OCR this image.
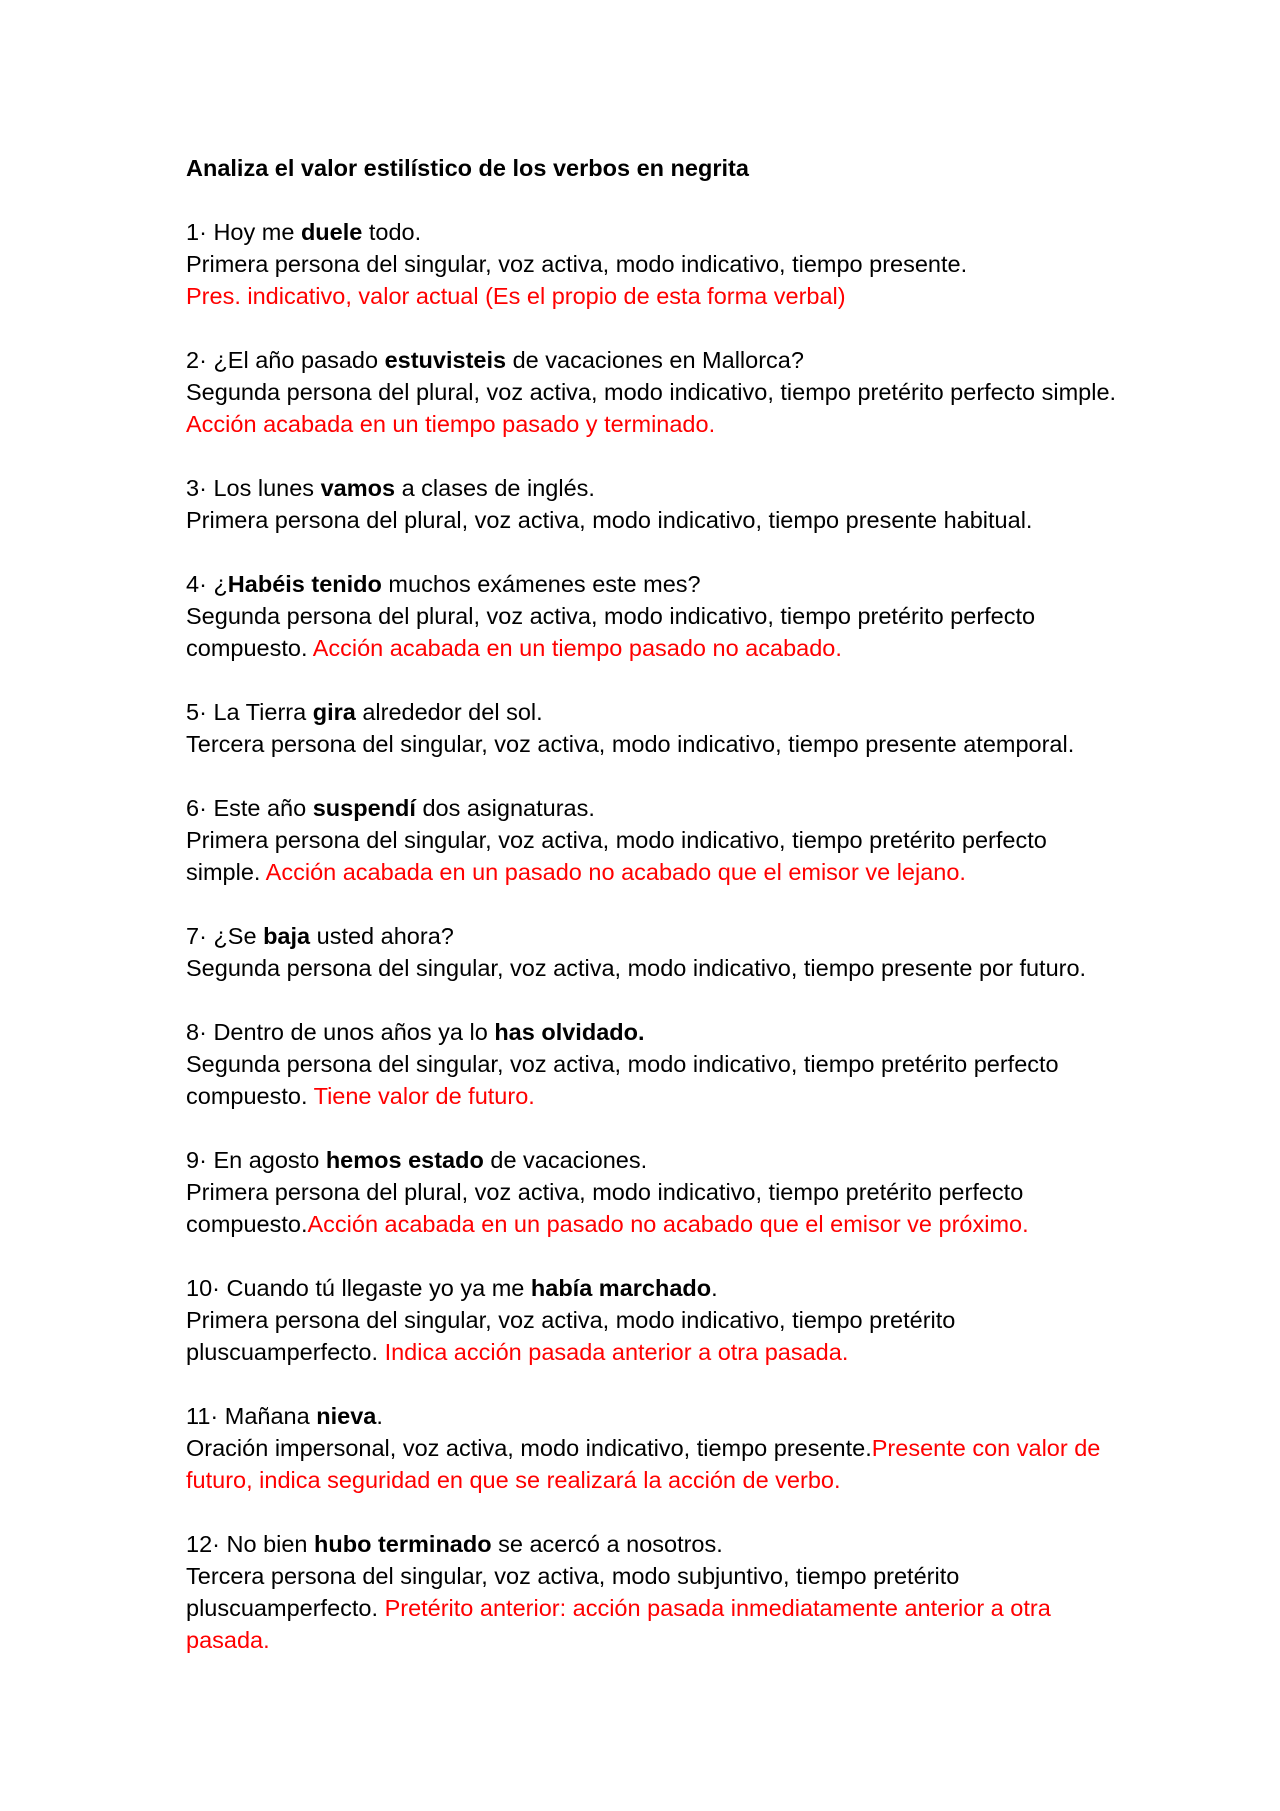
Analiza el valor estilístico de los verbos en negrita
1· Hoy me duele todo.
Primera persona del singular, voz activa, modo indicativo, tiempo presente.
Pres. indicativo, valor actual (Es el propio de esta forma verbal)
2· ¿El año pasado estuvisteis de vacaciones en Mallorca?
Segunda persona del plural, voz activa, modo indicativo, tiempo pretérito perfecto simple. Acción acabada en un tiempo pasado y terminado.
3· Los lunes vamos a clases de inglés.
Primera persona del plural, voz activa, modo indicativo, tiempo presente habitual.
4· ¿Habéis tenido muchos exámenes este mes?
Segunda persona del plural, voz activa, modo indicativo, tiempo pretérito perfecto compuesto. Acción acabada en un tiempo pasado no acabado.
5· La Tierra gira alrededor del sol.
Tercera persona del singular, voz activa, modo indicativo, tiempo presente atemporal.
6· Este año suspendí dos asignaturas.
Primera persona del singular, voz activa, modo indicativo, tiempo pretérito perfecto simple. Acción acabada en un pasado no acabado que el emisor ve lejano.
7· ¿Se baja usted ahora?
Segunda persona del singular, voz activa, modo indicativo, tiempo presente por futuro.
8· Dentro de unos años ya lo has olvidado.
Segunda persona del singular, voz activa, modo indicativo, tiempo pretérito perfecto compuesto. Tiene valor de futuro.
9· En agosto hemos estado de vacaciones.
Primera persona del plural, voz activa, modo indicativo, tiempo pretérito perfecto compuesto.Acción acabada en un pasado no acabado que el emisor ve próximo.
10· Cuando tú llegaste yo ya me había marchado.
Primera persona del singular, voz activa, modo indicativo, tiempo pretérito pluscuamperfecto. Indica acción pasada anterior a otra pasada.
11· Mañana nieva.
Oración impersonal, voz activa, modo indicativo, tiempo presente.Presente con valor de futuro, indica seguridad en que se realizará la acción de verbo.
12· No bien hubo terminado se acercó a nosotros.
Tercera persona del singular, voz activa, modo subjuntivo, tiempo pretérito pluscuamperfecto. Pretérito anterior: acción pasada inmediatamente anterior a otra pasada.
